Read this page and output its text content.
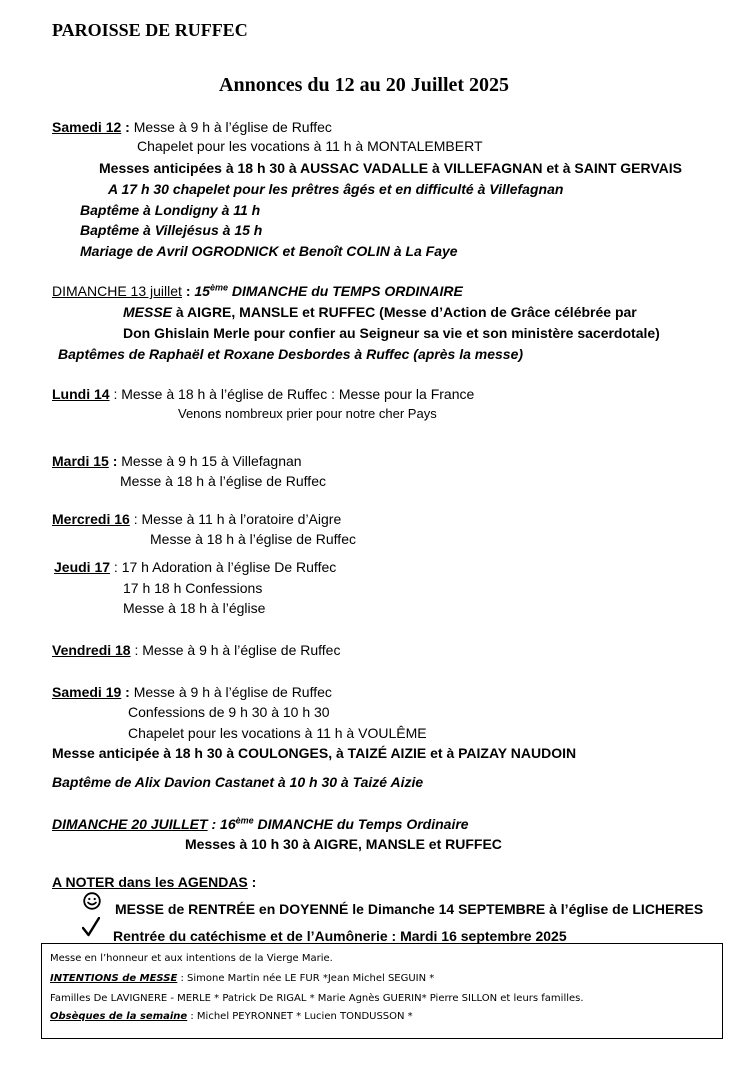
PAROISSE DE RUFFEC
Annonces du 12 au 20 Juillet 2025
Samedi 12 : Messe à 9 h à l’église de Ruffec
Chapelet pour les vocations à 11 h à MONTALEMBERT
Messes anticipées à 18 h 30 à AUSSAC VADALLE à VILLEFAGNAN et à SAINT GERVAIS
A 17 h 30 chapelet pour les prêtres âgés et en difficulté à Villefagnan
Baptême à Londigny à 11 h
Baptême à Villejésus à 15 h
Mariage de Avril OGRODNICK et Benoît COLIN à La Faye
DIMANCHE 13 juillet : 15ème DIMANCHE du TEMPS ORDINAIRE
MESSE à AIGRE, MANSLE et RUFFEC (Messe d’Action de Grâce célébrée par
Don Ghislain Merle pour confier au Seigneur sa vie et son ministère sacerdotale)
Baptêmes de Raphaël et Roxane Desbordes à Ruffec (après la messe)
Lundi 14 : Messe à 18 h à l’église de Ruffec : Messe pour la France
Venons nombreux prier pour notre cher Pays
Mardi 15 : Messe à 9 h 15 à Villefagnan
Messe à 18 h à l’église de Ruffec
Mercredi 16 : Messe à 11 h à l’oratoire d’Aigre
Messe à 18 h à l’église de Ruffec
Jeudi 17 : 17 h Adoration à l’église De Ruffec
17 h 18 h Confessions
Messe à 18 h à l’église
Vendredi 18 : Messe à 9 h à l’église de Ruffec
Samedi 19 : Messe à 9 h à l’église de Ruffec
Confessions de 9 h 30 à 10 h 30
Chapelet pour les vocations à 11 h à VOULÊME
Messe anticipée à 18 h 30 à COULONGES, à TAIZÉ AIZIE et à PAIZAY NAUDOIN
Baptême de Alix Davion Castanet à 10 h 30 à Taizé Aizie
DIMANCHE 20 JUILLET : 16ème DIMANCHE du Temps Ordinaire
Messes à 10 h 30 à AIGRE, MANSLE et RUFFEC
A NOTER dans les AGENDAS :
MESSE de RENTRÉE en DOYENNÉ le Dimanche 14 SEPTEMBRE à l’église de LICHERES
Rentrée du catéchisme et de l’Aumônerie : Mardi 16 septembre 2025
Messe en l’honneur et aux intentions de la Vierge Marie.
INTENTIONS de MESSE : Simone Martin née LE FUR *Jean Michel SEGUIN *
Familles De LAVIGNERE - MERLE * Patrick De RIGAL * Marie Agnès GUERIN* Pierre SILLON et leurs familles.
Obsèques de la semaine : Michel PEYRONNET * Lucien TONDUSSON *
